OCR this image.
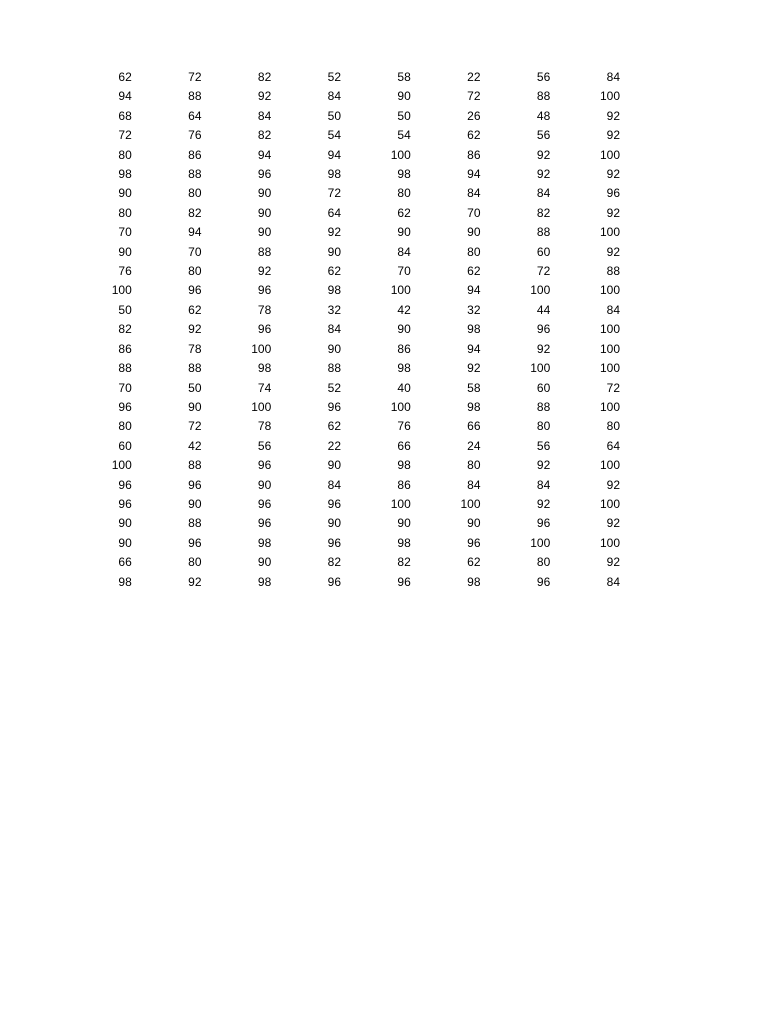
62	72	82	52	58	22	56	84
94	88	92	84	90	72	88	100
68	64	84	50	50	26	48	92
72	76	82	54	54	62	56	92
80	86	94	94	100	86	92	100
98	88	96	98	98	94	92	92
90	80	90	72	80	84	84	96
80	82	90	64	62	70	82	92
70	94	90	92	90	90	88	100
90	70	88	90	84	80	60	92
76	80	92	62	70	62	72	88
100	96	96	98	100	94	100	100
50	62	78	32	42	32	44	84
82	92	96	84	90	98	96	100
86	78	100	90	86	94	92	100
88	88	98	88	98	92	100	100
70	50	74	52	40	58	60	72
96	90	100	96	100	98	88	100
80	72	78	62	76	66	80	80
60	42	56	22	66	24	56	64
100	88	96	90	98	80	92	100
96	96	90	84	86	84	84	92
96	90	96	96	100	100	92	100
90	88	96	90	90	90	96	92
90	96	98	96	98	96	100	100
66	80	90	82	82	62	80	92
98	92	98	96	96	98	96	84
